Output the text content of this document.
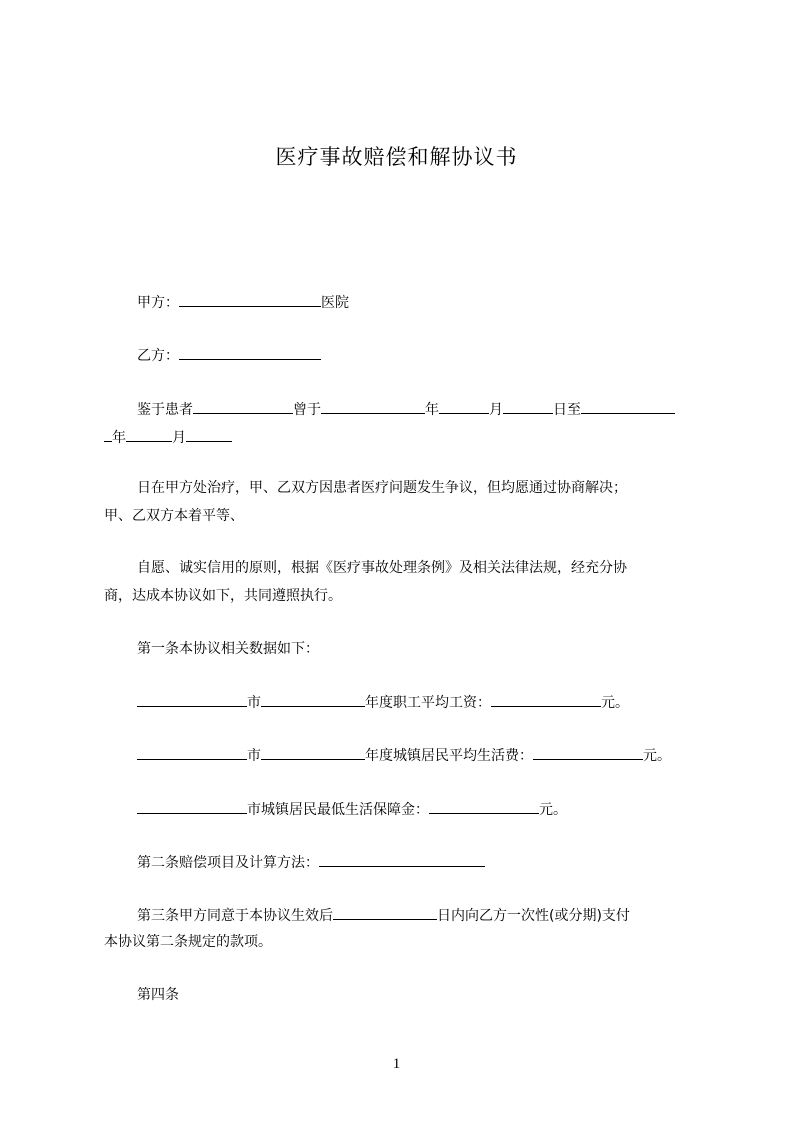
医疗事故赔偿和解协议书
甲方：	医院
乙方：
鉴于患者	曾于	年	月	日至
年	月
日在甲方处治疗，甲、乙双方因患者医疗问题发生争议，但均愿通过协商解决；
甲、乙双方本着平等、
自愿、诚实信用的原则，根据《医疗事故处理条例》及相关法律法规，经充分协
商，达成本协议如下，共同遵照执行。
第一条本协议相关数据如下：
市	年度职工平均工资：	元。
市	年度城镇居民平均生活费：	元。
市城镇居民最低生活保障金：	元。
第二条赔偿项目及计算方法：
第三条甲方同意于本协议生效后	日内向乙方一次性(或分期)支付
本协议第二条规定的款项。
第四条
1
